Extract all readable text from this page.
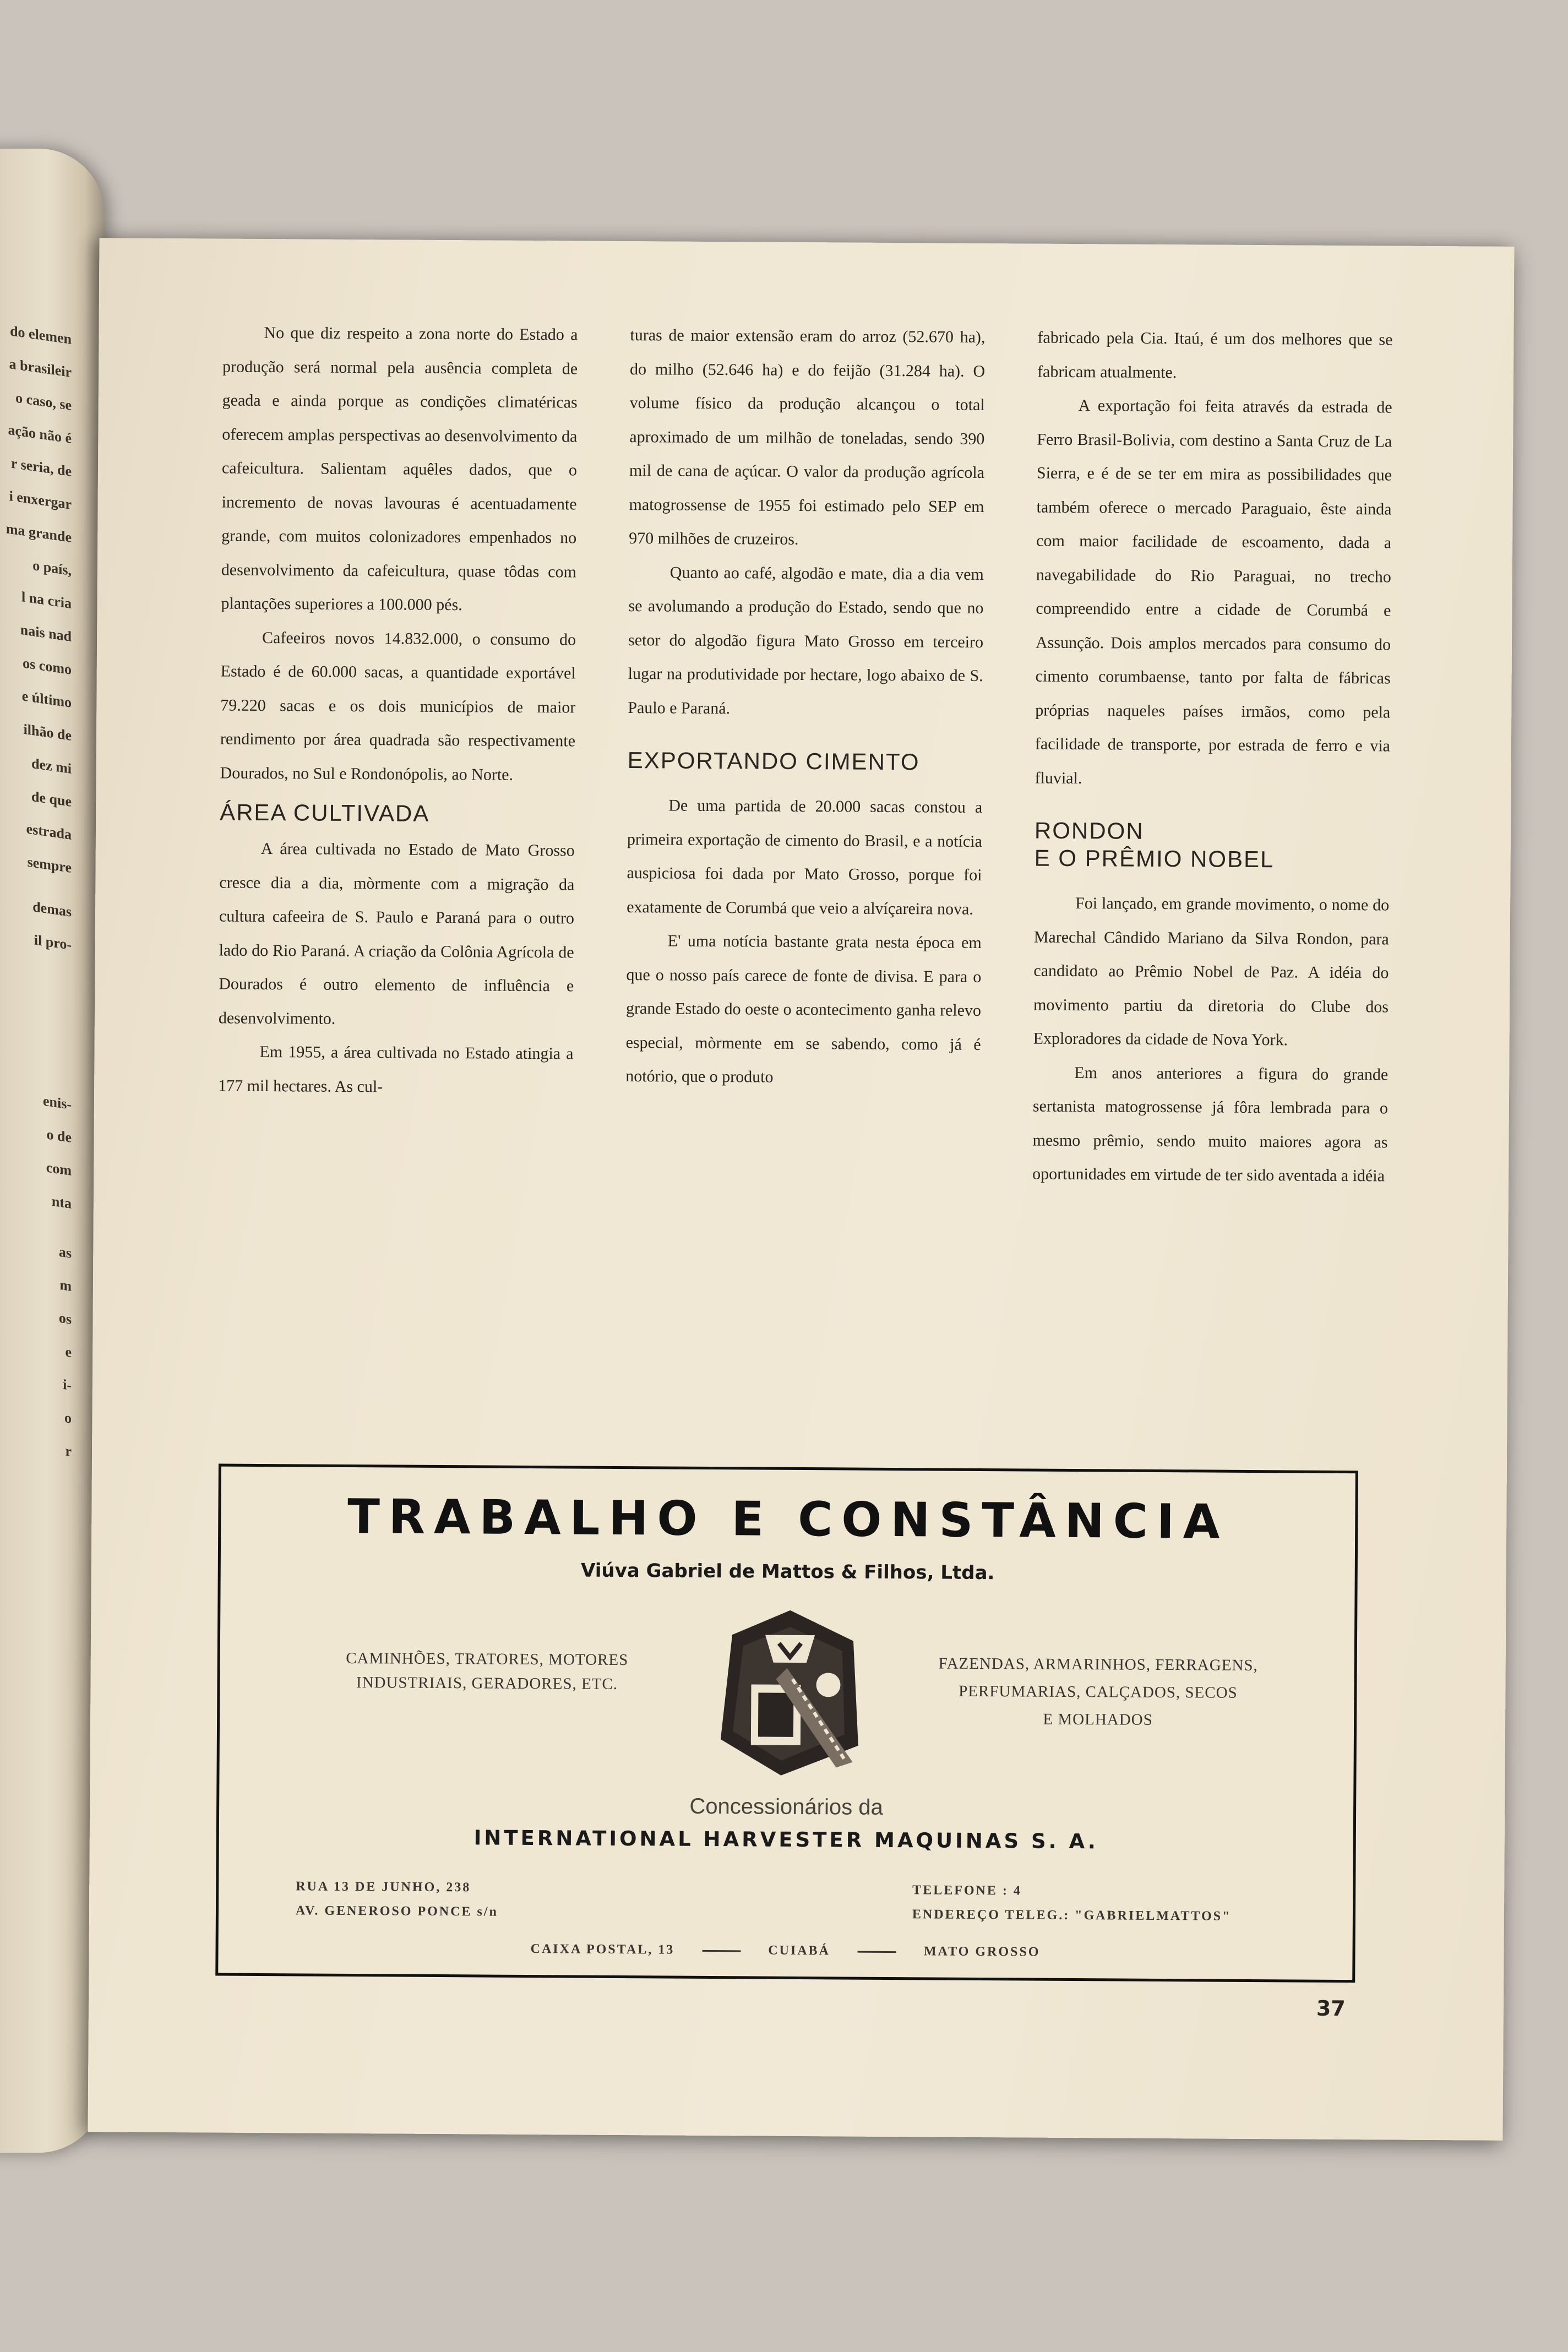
do elemen
a brasileir
o caso, se
ação não é
r seria, de
i enxergar
ma grande
o país,
l na cria
nais nad
os como
e último
ilhão de
dez mi
de que
estrada
sempre
demas
il pro-
enis-
o de
com
nta
as
m
os
e
i-
o
r

No que diz respeito a zona norte do Estado a produção será normal pela ausência completa de geada e ainda porque as condições climatéricas oferecem amplas perspectivas ao desenvolvimento da cafeicultura. Salientam aquêles dados, que o incremento de novas lavouras é acentuadamente grande, com muitos colonizadores empenhados no desenvolvimento da cafeicultura, quase tôdas com plantações superiores a 100.000 pés.

Cafeeiros novos 14.832.000, o consumo do Estado é de 60.000 sacas, a quantidade exportável 79.220 sacas e os dois municípios de maior rendimento por área quadrada são respectivamente Dourados, no Sul e Rondonópolis, ao Norte.

ÁREA CULTIVADA

A área cultivada no Estado de Mato Grosso cresce dia a dia, mòrmente com a migração da cultura cafeeira de S. Paulo e Paraná para o outro lado do Rio Paraná. A criação da Colônia Agrícola de Dourados é outro elemento de influência e desenvolvimento.

Em 1955, a área cultivada no Estado atingia a 177 mil hectares. As cul-

turas de maior extensão eram do arroz (52.670 ha), do milho (52.646 ha) e do feijão (31.284 ha). O volume físico da produção alcançou o total aproximado de um milhão de toneladas, sendo 390 mil de cana de açúcar. O valor da produção agrícola matogrossense de 1955 foi estimado pelo SEP em 970 milhões de cruzeiros.

Quanto ao café, algodão e mate, dia a dia vem se avolumando a produção do Estado, sendo que no setor do algodão figura Mato Grosso em terceiro lugar na produtividade por hectare, logo abaixo de S. Paulo e Paraná.

EXPORTANDO CIMENTO

De uma partida de 20.000 sacas constou a primeira exportação de cimento do Brasil, e a notícia auspiciosa foi dada por Mato Grosso, porque foi exatamente de Corumbá que veio a alvíçareira nova.

E' uma notícia bastante grata nesta época em que o nosso país carece de fonte de divisa. E para o grande Estado do oeste o acontecimento ganha relevo especial, mòrmente em se sabendo, como já é notório, que o produto

fabricado pela Cia. Itaú, é um dos melhores que se fabricam atualmente.

A exportação foi feita através da estrada de Ferro Brasil-Bolivia, com destino a Santa Cruz de La Sierra, e é de se ter em mira as possibilidades que também oferece o mercado Paraguaio, êste ainda com maior facilidade de escoamento, dada a navegabilidade do Rio Paraguai, no trecho compreendido entre a cidade de Corumbá e Assunção. Dois amplos mercados para consumo do cimento corumbaense, tanto por falta de fábricas próprias naqueles países irmãos, como pela facilidade de transporte, por estrada de ferro e via fluvial.

RONDON
E O PRÊMIO NOBEL

Foi lançado, em grande movimento, o nome do Marechal Cândido Mariano da Silva Rondon, para candidato ao Prêmio Nobel de Paz. A idéia do movimento partiu da diretoria do Clube dos Exploradores da cidade de Nova York.

Em anos anteriores a figura do grande sertanista matogrossense já fôra lembrada para o mesmo prêmio, sendo muito maiores agora as oportunidades em virtude de ter sido aventada a idéia

TRABALHO E CONSTÂNCIA
Viúva Gabriel de Mattos & Filhos, Ltda.
CAMINHÕES, TRATORES, MOTORES
INDUSTRIAIS, GERADORES, ETC.
FAZENDAS, ARMARINHOS, FERRAGENS,
PERFUMARIAS, CALÇADOS, SECOS
E MOLHADOS
Concessionários da
INTERNATIONAL HARVESTER MAQUINAS S. A.
RUA 13 DE JUNHO, 238
AV. GENEROSO PONCE s/n
TELEFONE : 4
ENDEREÇO TELEG.: "GABRIELMATTOS"
CAIXA POSTAL, 13	CUIABÁ	MATO GROSSO
37
